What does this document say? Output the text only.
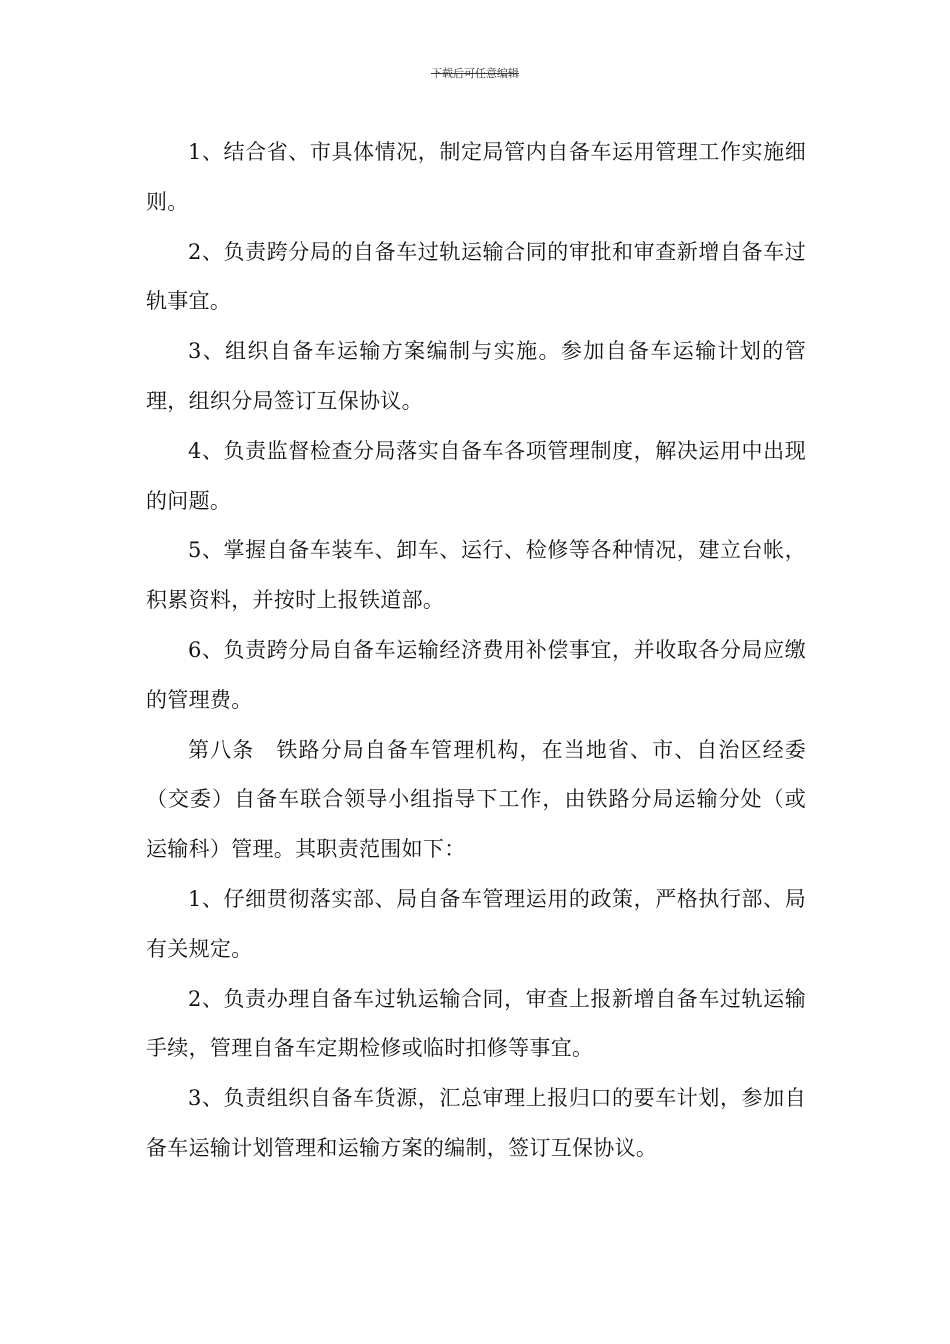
下载后可任意编辑

1、结合省、市具体情况，制定局管内自备车运用管理工作实施细则。

2、负责跨分局的自备车过轨运输合同的审批和审查新增自备车过轨事宜。

3、组织自备车运输方案编制与实施。参加自备车运输计划的管理，组织分局签订互保协议。

4、负责监督检查分局落实自备车各项管理制度，解决运用中出现的问题。

5、掌握自备车装车、卸车、运行、检修等各种情况，建立台帐，积累资料，并按时上报铁道部。

6、负责跨分局自备车运输经济费用补偿事宜，并收取各分局应缴的管理费。

第八条　铁路分局自备车管理机构，在当地省、市、自治区经委（交委）自备车联合领导小组指导下工作，由铁路分局运输分处（或运输科）管理。其职责范围如下：

1、仔细贯彻落实部、局自备车管理运用的政策，严格执行部、局有关规定。

2、负责办理自备车过轨运输合同，审查上报新增自备车过轨运输手续，管理自备车定期检修或临时扣修等事宜。

3、负责组织自备车货源，汇总审理上报归口的要车计划，参加自备车运输计划管理和运输方案的编制，签订互保协议。
